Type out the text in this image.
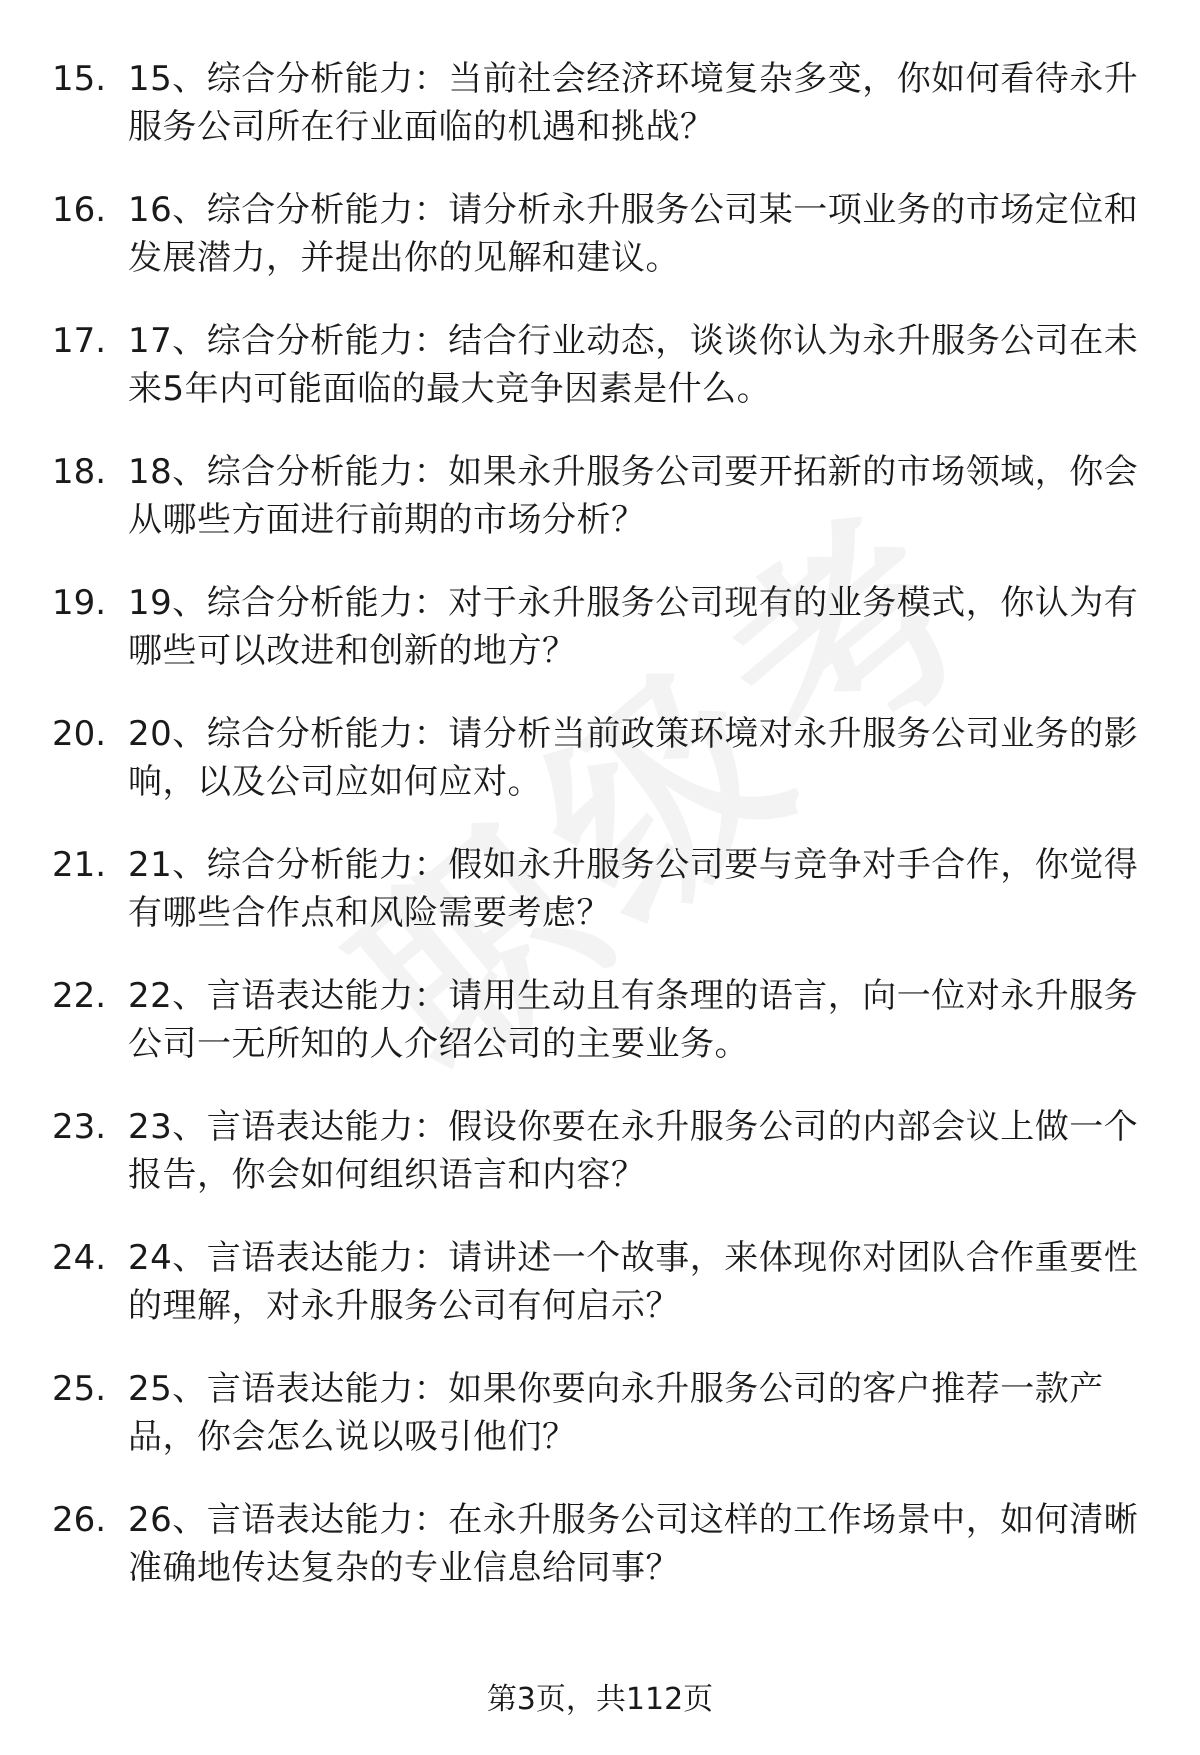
15. 15、综合分析能力：当前社会经济环境复杂多变，你如何看待永升服务公司所在行业面临的机遇和挑战？
16. 16、综合分析能力：请分析永升服务公司某一项业务的市场定位和发展潜力，并提出你的见解和建议。
17. 17、综合分析能力：结合行业动态，谈谈你认为永升服务公司在未来5年内可能面临的最大竞争因素是什么。
18. 18、综合分析能力：如果永升服务公司要开拓新的市场领域，你会从哪些方面进行前期的市场分析？
19. 19、综合分析能力：对于永升服务公司现有的业务模式，你认为有哪些可以改进和创新的地方？
20. 20、综合分析能力：请分析当前政策环境对永升服务公司业务的影响，以及公司应如何应对。
21. 21、综合分析能力：假如永升服务公司要与竞争对手合作，你觉得有哪些合作点和风险需要考虑？
22. 22、言语表达能力：请用生动且有条理的语言，向一位对永升服务公司一无所知的人介绍公司的主要业务。
23. 23、言语表达能力：假设你要在永升服务公司的内部会议上做一个报告，你会如何组织语言和内容？
24. 24、言语表达能力：请讲述一个故事，来体现你对团队合作重要性的理解，对永升服务公司有何启示？
25. 25、言语表达能力：如果你要向永升服务公司的客户推荐一款产品，你会怎么说以吸引他们？
26. 26、言语表达能力：在永升服务公司这样的工作场景中，如何清晰准确地传达复杂的专业信息给同事？
第3页，共112页
